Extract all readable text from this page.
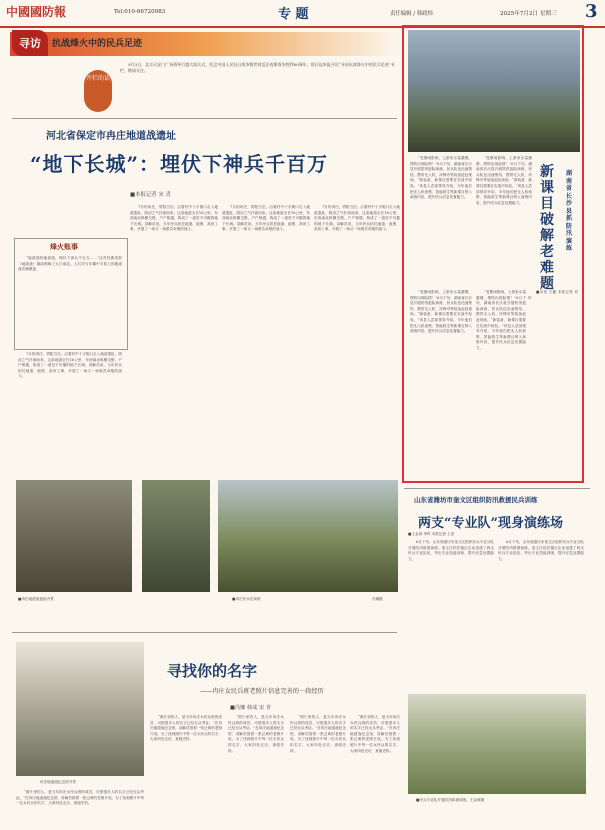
中國國防報	Tel:010-66720983	专 题	责任编辑 / 韩政炜	2025年7月2日 星期三 3
寻访	抗战烽火中的民兵足迹
开栏的话

9月3日，北京天安门广场将举行盛大阅兵式，纪念中国人民抗日战争暨世界反法西斯战争胜利80周年。即日起本报开设“寻访抗战烽火中的民兵足迹”专栏，敬请关注。

河北省保定市冉庄地道战遗址
“地下长城”：埋伏下神兵千百万
■本报记者 宋 青
烽火账事

“地道战呀地道战，埋伏下神兵千百万……”这首经典电影《地道战》插曲唱响了大江南北。人们对当年冀中平原上的地道战充满敬意。

7月的冉庄，骄阳当空。沿着村中十字街口走入地道遗址，阴凉之气扑面而来。这条地道全长16公里，东西南北纵横交错，户户相通，构成了一道坚不可摧的地下长城。讲解员说，当年民兵依托地道、地堡、高房工事，开展了一场又一场艰苦卓绝的战斗。

7月的冉庄，骄阳当空。沿着村中十字街口走入地道遗址，阴凉之气扑面而来。这条地道全长16公里，东西南北纵横交错，户户相通，构成了一道坚不可摧的地下长城。讲解员说，当年民兵依托地道、地堡、高房工事，开展了一场又一场艰苦卓绝的战斗。

7月的冉庄，骄阳当空。沿着村中十字街口走入地道遗址，阴凉之气扑面而来。这条地道全长16公里，东西南北纵横交错，户户相通，构成了一道坚不可摧的地下长城。讲解员说，当年民兵依托地道、地堡、高房工事，开展了一场又一场艰苦卓绝的战斗。

7月的冉庄，骄阳当空。沿着村中十字街口走入地道遗址，阴凉之气扑面而来。这条地道全长16公里，东西南北纵横交错，户户相通，构成了一道坚不可摧的地下长城。讲解员说，当年民兵依托地道、地堡、高房工事，开展了一场又一场艰苦卓绝的战斗。

■冉庄地道战遗址内景	■冉庄民兵在演练	冯娜摄
新课目破解老难题
湖南省长沙县抓防汛演练

“受暴雨影响，上游来水量激增，堤防出现险情！”6月下旬，湖南省长沙县开展防汛抢险演练，民兵队伍迅速集结，携带无人机、冲锋舟等装备赶赴现场。“新装备、新课目需要在实战中检验。”该县人武部领导介绍，今年他们把无人机侦察、智能救生等新课目纳入演练内容，提升民兵应急处置能力。

“受暴雨影响，上游来水量激增，堤防出现险情！”6月下旬，湖南省长沙县开展防汛抢险演练，民兵队伍迅速集结，携带无人机、冲锋舟等装备赶赴现场。“新装备、新课目需要在实战中检验。”该县人武部领导介绍，今年他们把无人机侦察、智能救生等新课目纳入演练内容，提升民兵应急处置能力。

“受暴雨影响，上游来水量激增，堤防出现险情！”6月下旬，湖南省长沙县开展防汛抢险演练，民兵队伍迅速集结，携带无人机、冲锋舟等装备赶赴现场。“新装备、新课目需要在实战中检验。”该县人武部领导介绍，今年他们把无人机侦察、智能救生等新课目纳入演练内容，提升民兵应急处置能力。

“受暴雨影响，上游来水量激增，堤防出现险情！”6月下旬，湖南省长沙县开展防汛抢险演练，民兵队伍迅速集结，携带无人机、冲锋舟等装备赶赴现场。“新装备、新课目需要在实战中检验。”该县人武部领导介绍，今年他们把无人机侦察、智能救生等新课目纳入演练内容，提升民兵应急处置能力。

■余其 王鑫 本报记者 邓玲

山东省潍坊市奎文区组织防汛救援民兵训练
两支“专业队”现身演练场
■王金涛 李鸣 本报记者 王淳

6月下旬，山东省潍坊市奎文区组织民兵专业分队开展防汛救援演练。奎文区依托辖区企业组建了两支民兵专业队伍，突出专业技能训练，提升应急处置能力。

6月下旬，山东省潍坊市奎文区组织民兵专业分队开展防汛救援演练。奎文区依托辖区企业组建了两支民兵专业队伍，突出专业技能训练，提升应急处置能力。

■民兵专业队开展防汛救援训练。王金涛摄

寻找你的名字
——冉庄女民兵班老照片信息完善的一段经历
■冯娜 韩成 宋 青
冉庄地道战纪念馆外景

“照片里的人，是当年冉庄女民兵班的成员，可惜很多人的名字已经无从考证。”在冉庄地道战纪念馆，讲解员指着一张泛黄的老照片说。为了找到照片中每一位女民兵的名字，大家四处走访，查阅史料。

“照片里的人，是当年冉庄女民兵班的成员，可惜很多人的名字已经无从考证。”在冉庄地道战纪念馆，讲解员指着一张泛黄的老照片说。为了找到照片中每一位女民兵的名字，大家四处走访，查阅史料。

“照片里的人，是当年冉庄女民兵班的成员，可惜很多人的名字已经无从考证。”在冉庄地道战纪念馆，讲解员指着一张泛黄的老照片说。为了找到照片中每一位女民兵的名字，大家四处走访，查阅史料。

“照片里的人，是当年冉庄女民兵班的成员，可惜很多人的名字已经无从考证。”在冉庄地道战纪念馆，讲解员指着一张泛黄的老照片说。为了找到照片中每一位女民兵的名字，大家四处走访，查阅史料。

“照片里的人，是当年冉庄女民兵班的成员，可惜很多人的名字已经无从考证。”在冉庄地道战纪念馆，讲解员指着一张泛黄的老照片说。为了找到照片中每一位女民兵的名字，大家四处走访，查阅史料。
